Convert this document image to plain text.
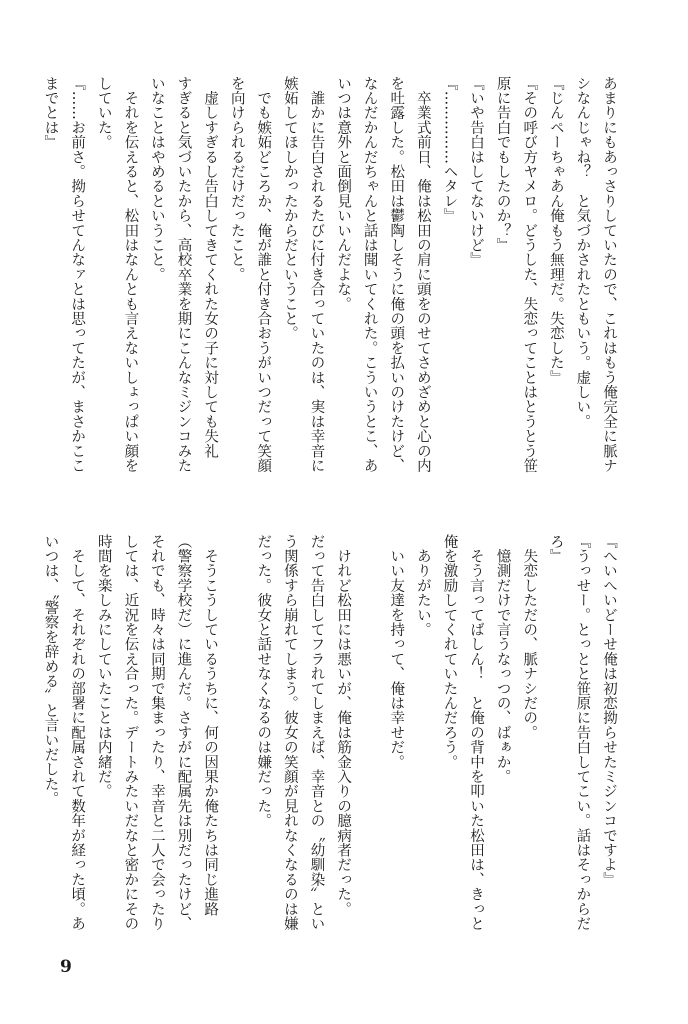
あまりにもあっさりしていたので、これはもう俺完全に脈ナ
シなんじゃね？　と気づかされたともいう。虚しい。
『じんペーちゃあん俺もう無理だ。失恋した』
『その呼び方ヤメロ。どうした、失恋ってことはとうとう笹
原に告白でもしたのか？』
『いや告白はしてないけど』
『……………ヘタレ』
　卒業式前日、俺は松田の肩に頭をのせてさめざめと心の内
を吐露した。松田は鬱陶しそうに俺の頭を払いのけたけど、
なんだかんだちゃんと話は聞いてくれた。こういうとこ、あ
いつは意外と面倒見いいんだよな。
　誰かに告白されるたびに付き合っていたのは、実は幸音に
嫉妬してほしかったからだということ。
　でも嫉妬どころか、俺が誰と付き合おうがいつだって笑顔
を向けられるだけだったこと。
　虚しすぎるし告白してきてくれた女の子に対しても失礼
すぎると気づいたから、高校卒業を期にこんなミジンコみた
いなことはやめるということ。
　それを伝えると、松田はなんとも言えないしょっぱい顔を
していた。
『……お前さ。拗らせてんなァとは思ってたが、まさかここ
までとは』
『へいへいどーせ俺は初恋拗らせたミジンコですよ』
『うっせー。とっとと笹原に告白してこい。話はそっからだ
ろ』
　失恋しただの、脈ナシだの。
　憶測だけで言うなっつの、ばぁか。
　そう言ってばしん！　と俺の背中を叩いた松田は、きっと
俺を激励してくれていたんだろう。
　ありがたい。
　いい友達を持って、俺は幸せだ。
　けれど松田には悪いが、俺は筋金入りの臆病者だった。
だって告白してフラれてしまえば、幸音との〝幼馴染〟とい
う関係すら崩れてしまう。彼女の笑顔が見れなくなるのは嫌
だった。彼女と話せなくなるのは嫌だった。
　そうこうしているうちに、何の因果か俺たちは同じ進路
（警察学校だ）に進んだ。さすがに配属先は別だったけど、
それでも、時々は同期で集まったり、幸音と二人で会ったり
しては、近況を伝え合った。デートみたいだなと密かにその
時間を楽しみにしていたことは内緒だ。
　そして、それぞれの部署に配属されて数年が経った頃。あ
いつは、〝警察を辞める〟と言いだした。
9
